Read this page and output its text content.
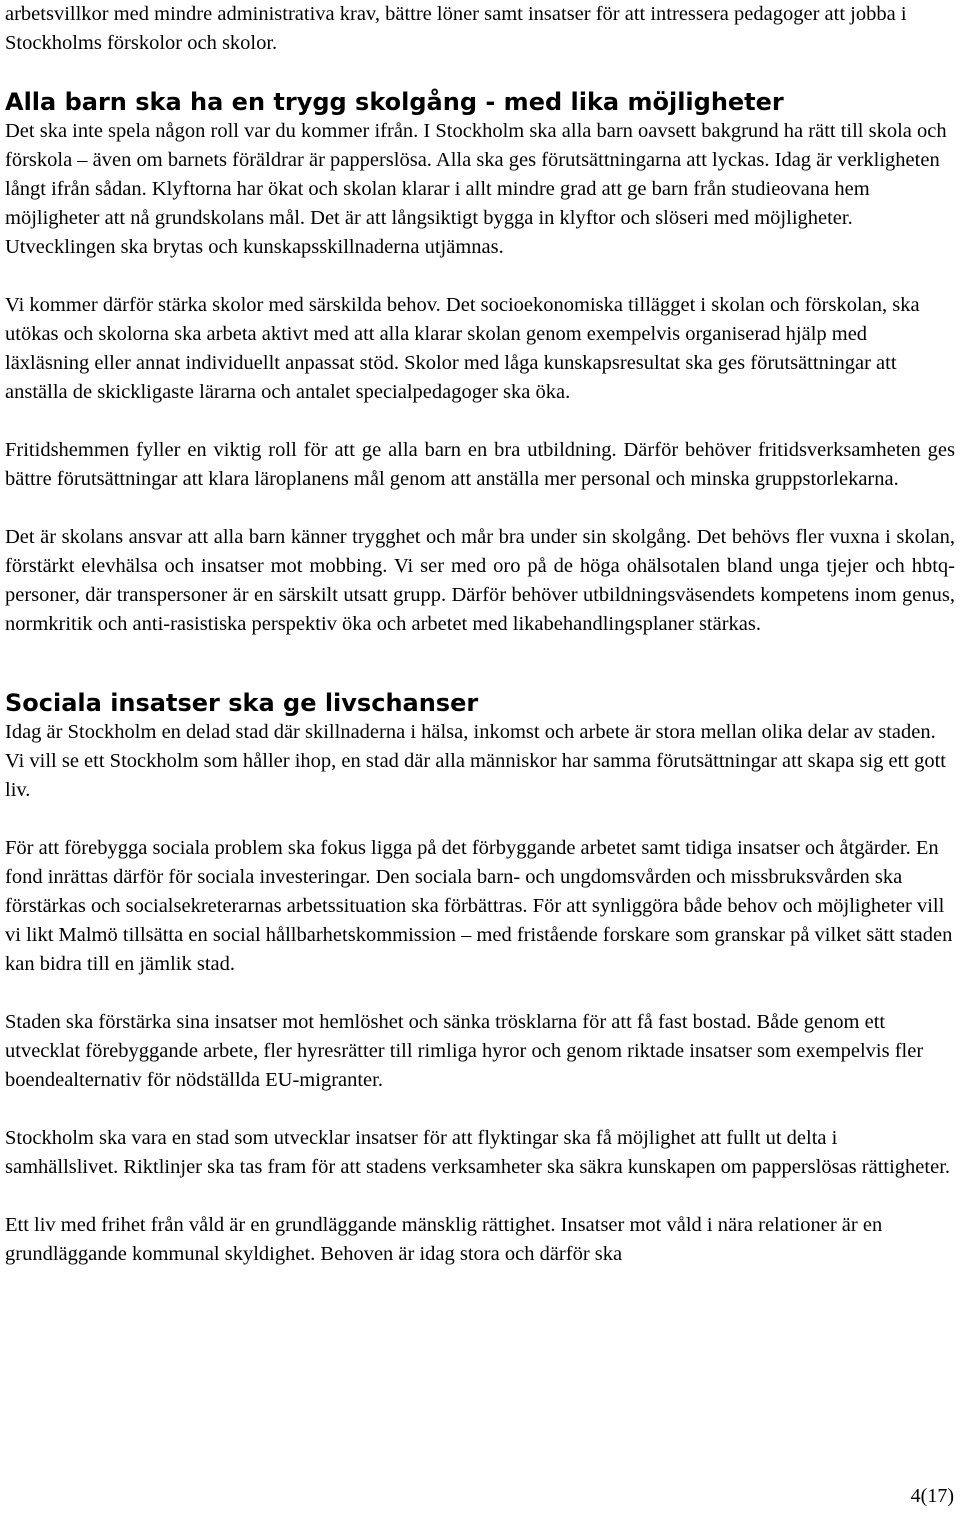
arbetsvillkor med mindre administrativa krav, bättre löner samt insatser för att intressera pedagoger att jobba i Stockholms förskolor och skolor.

Alla barn ska ha en trygg skolgång - med lika möjligheter

Det ska inte spela någon roll var du kommer ifrån. I Stockholm ska alla barn oavsett bakgrund ha rätt till skola och förskola – även om barnets föräldrar är papperslösa. Alla ska ges förutsättningarna att lyckas. Idag är verkligheten långt ifrån sådan. Klyftorna har ökat och skolan klarar i allt mindre grad att ge barn från studieovana hem möjligheter att nå grundskolans mål. Det är att långsiktigt bygga in klyftor och slöseri med möjligheter. Utvecklingen ska brytas och kunskapsskillnaderna utjämnas.

Vi kommer därför stärka skolor med särskilda behov. Det socioekonomiska tillägget i skolan och förskolan, ska utökas och skolorna ska arbeta aktivt med att alla klarar skolan genom exempelvis organiserad hjälp med läxläsning eller annat individuellt anpassat stöd. Skolor med låga kunskapsresultat ska ges förutsättningar att anställa de skickligaste lärarna och antalet specialpedagoger ska öka.

Fritidshemmen fyller en viktig roll för att ge alla barn en bra utbildning. Därför behöver fritidsverksamheten ges bättre förutsättningar att klara läroplanens mål genom att anställa mer personal och minska gruppstorlekarna.

Det är skolans ansvar att alla barn känner trygghet och mår bra under sin skolgång. Det behövs fler vuxna i skolan, förstärkt elevhälsa och insatser mot mobbing. Vi ser med oro på de höga ohälsotalen bland unga tjejer och hbtq-personer, där transpersoner är en särskilt utsatt grupp. Därför behöver utbildningsväsendets kompetens inom genus, normkritik och anti-rasistiska perspektiv öka och arbetet med likabehandlingsplaner stärkas.

Sociala insatser ska ge livschanser

Idag är Stockholm en delad stad där skillnaderna i hälsa, inkomst och arbete är stora mellan olika delar av staden. Vi vill se ett Stockholm som håller ihop, en stad där alla människor har samma förutsättningar att skapa sig ett gott liv.

För att förebygga sociala problem ska fokus ligga på det förbyggande arbetet samt tidiga insatser och åtgärder. En fond inrättas därför för sociala investeringar. Den sociala barn- och ungdomsvården och missbruksvården ska förstärkas och socialsekreterarnas arbetssituation ska förbättras. För att synliggöra både behov och möjligheter vill vi likt Malmö tillsätta en social hållbarhetskommission – med fristående forskare som granskar på vilket sätt staden kan bidra till en jämlik stad.

Staden ska förstärka sina insatser mot hemlöshet och sänka trösklarna för att få fast bostad. Både genom ett utvecklat förebyggande arbete, fler hyresrätter till rimliga hyror och genom riktade insatser som exempelvis fler boendealternativ för nödställda EU-migranter.

Stockholm ska vara en stad som utvecklar insatser för att flyktingar ska få möjlighet att fullt ut delta i samhällslivet. Riktlinjer ska tas fram för att stadens verksamheter ska säkra kunskapen om papperslösas rättigheter.

Ett liv med frihet från våld är en grundläggande mänsklig rättighet. Insatser mot våld i nära relationer är en grundläggande kommunal skyldighet. Behoven är idag stora och därför ska

4(17)
